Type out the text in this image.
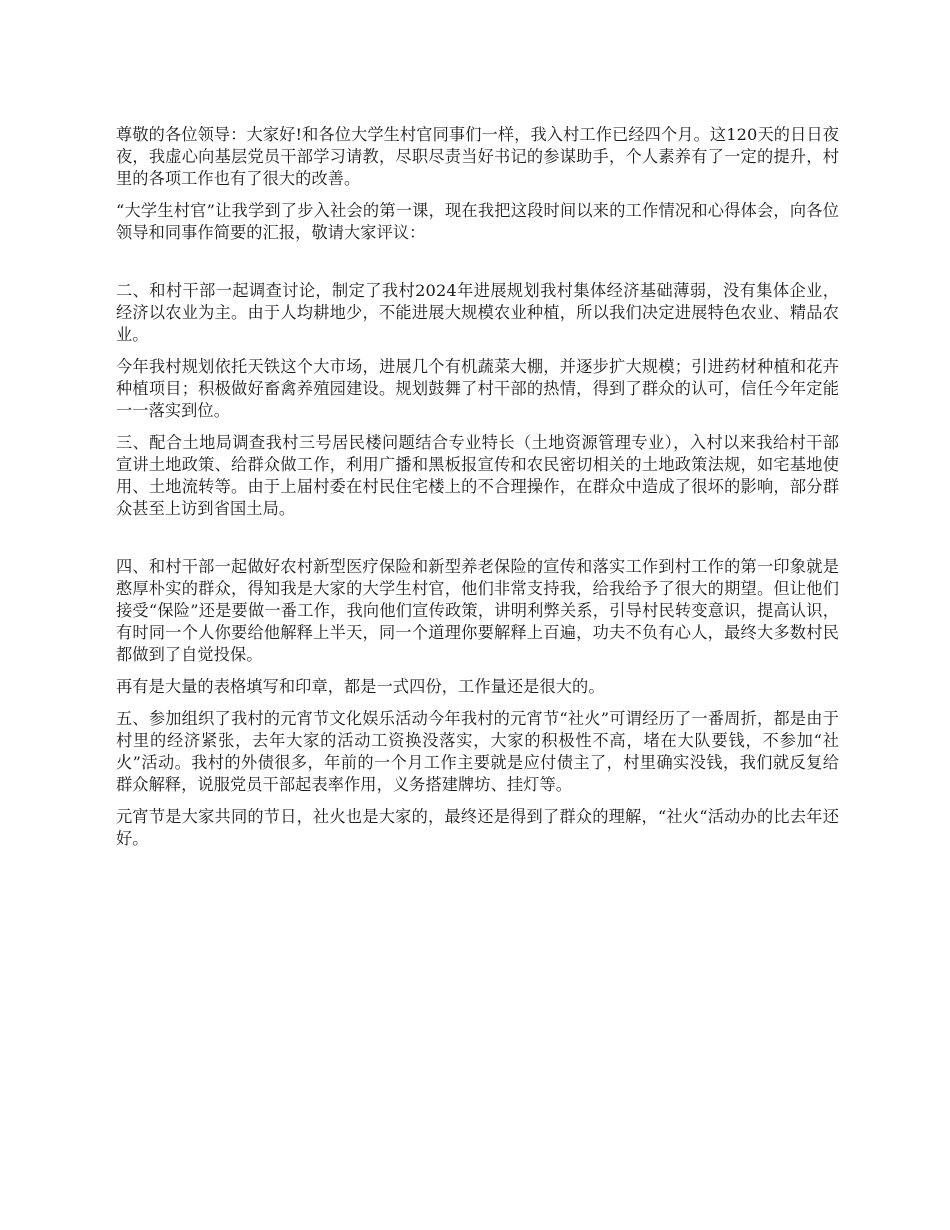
尊敬的各位领导：大家好!和各位大学生村官同事们一样，我入村工作已经四个月。这120天的日日夜夜，我虚心向基层党员干部学习请教，尽职尽责当好书记的参谋助手，个人素养有了一定的提升，村里的各项工作也有了很大的改善。

“大学生村官”让我学到了步入社会的第一课，现在我把这段时间以来的工作情况和心得体会，向各位领导和同事作简要的汇报，敬请大家评议：

二、和村干部一起调查讨论，制定了我村2024年进展规划我村集体经济基础薄弱，没有集体企业，经济以农业为主。由于人均耕地少，不能进展大规模农业种植，所以我们决定进展特色农业、精品农业。

今年我村规划依托天铁这个大市场，进展几个有机蔬菜大棚，并逐步扩大规模；引进药材种植和花卉种植项目；积极做好畜禽养殖园建设。规划鼓舞了村干部的热情，得到了群众的认可，信任今年定能一一落实到位。

三、配合土地局调查我村三号居民楼问题结合专业特长（土地资源管理专业），入村以来我给村干部宣讲土地政策、给群众做工作，利用广播和黑板报宣传和农民密切相关的土地政策法规，如宅基地使用、土地流转等。由于上届村委在村民住宅楼上的不合理操作，在群众中造成了很坏的影响，部分群众甚至上访到省国土局。

四、和村干部一起做好农村新型医疗保险和新型养老保险的宣传和落实工作到村工作的第一印象就是憨厚朴实的群众，得知我是大家的大学生村官，他们非常支持我，给我给予了很大的期望。但让他们接受“保险”还是要做一番工作，我向他们宣传政策，讲明利弊关系，引导村民转变意识，提高认识，有时同一个人你要给他解释上半天，同一个道理你要解释上百遍，功夫不负有心人，最终大多数村民都做到了自觉投保。

再有是大量的表格填写和印章，都是一式四份，工作量还是很大的。

五、参加组织了我村的元宵节文化娱乐活动今年我村的元宵节“社火”可谓经历了一番周折，都是由于村里的经济紧张，去年大家的活动工资换没落实，大家的积极性不高，堵在大队要钱，不参加“社火”活动。我村的外债很多，年前的一个月工作主要就是应付债主了，村里确实没钱，我们就反复给群众解释，说服党员干部起表率作用，义务搭建牌坊、挂灯等。

元宵节是大家共同的节日，社火也是大家的，最终还是得到了群众的理解，“社火“活动办的比去年还好。
